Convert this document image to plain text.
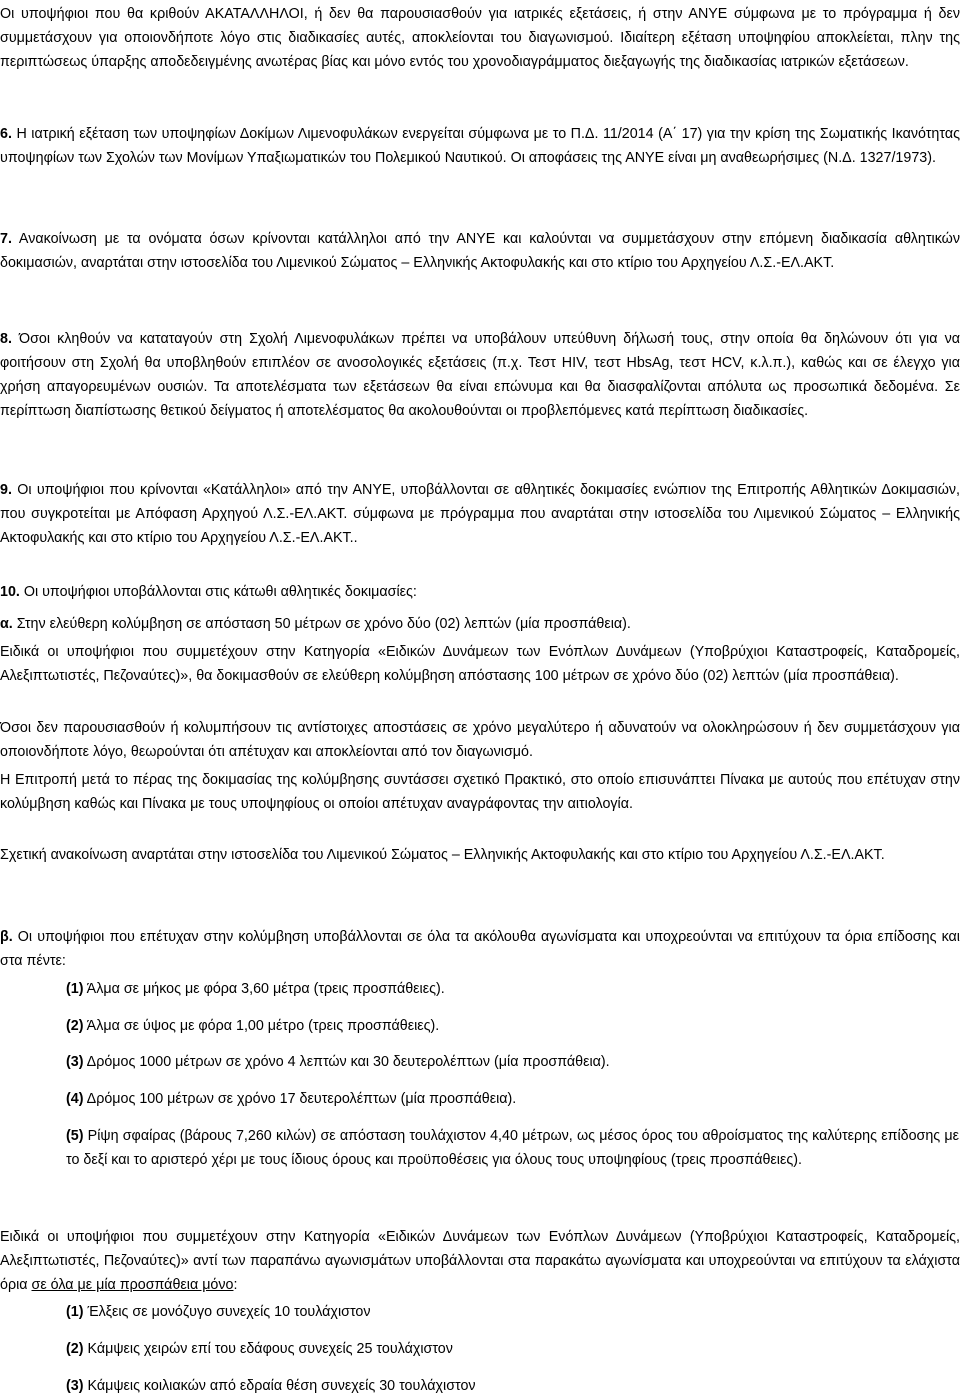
Οι υποψήφιοι που θα κριθούν ΑΚΑΤΑΛΛΗΛΟΙ, ή δεν θα παρουσιασθούν για ιατρικές εξετάσεις, ή στην ΑΝΥΕ σύμφωνα με το πρόγραμμα ή δεν συμμετάσχουν για οποιονδήποτε λόγο στις διαδικασίες αυτές, αποκλείονται του διαγωνισμού. Ιδιαίτερη εξέταση υποψηφίου αποκλείεται, πλην της περιπτώσεως ύπαρξης αποδεδειγμένης ανωτέρας βίας και μόνο εντός του χρονοδιαγράμματος διεξαγωγής της διαδικασίας ιατρικών εξετάσεων.

6. Η ιατρική εξέταση των υποψηφίων Δοκίμων Λιμενοφυλάκων ενεργείται σύμφωνα με το Π.Δ. 11/2014 (Α΄ 17) για την κρίση της Σωματικής Ικανότητας υποψηφίων των Σχολών των Μονίμων Υπαξιωματικών του Πολεμικού Ναυτικού. Οι αποφάσεις της ΑΝΥΕ είναι μη αναθεωρήσιμες (Ν.Δ. 1327/1973).

7. Ανακοίνωση με τα ονόματα όσων κρίνονται κατάλληλοι από την ΑΝΥΕ και καλούνται να συμμετάσχουν στην επόμενη διαδικασία αθλητικών δοκιμασιών, αναρτάται στην ιστοσελίδα του Λιμενικού Σώματος – Ελληνικής Ακτοφυλακής και στο κτίριο του Αρχηγείου Λ.Σ.-ΕΛ.ΑΚΤ.

8. Όσοι κληθούν να καταταγούν στη Σχολή Λιμενοφυλάκων πρέπει να υποβάλουν υπεύθυνη δήλωσή τους, στην οποία θα δηλώνουν ότι για να φοιτήσουν στη Σχολή θα υποβληθούν επιπλέον σε ανοσολογικές εξετάσεις (π.χ. Τεστ HIV, τεστ HbsAg, τεστ HCV, κ.λ.π.), καθώς και σε έλεγχο για χρήση απαγορευμένων ουσιών. Τα αποτελέσματα των εξετάσεων θα είναι επώνυμα και θα διασφαλίζονται απόλυτα ως προσωπικά δεδομένα. Σε περίπτωση διαπίστωσης θετικού δείγματος ή αποτελέσματος θα ακολουθούνται οι προβλεπόμενες κατά περίπτωση διαδικασίες.

9. Οι υποψήφιοι που κρίνονται «Κατάλληλοι» από την ΑΝΥΕ, υποβάλλονται σε αθλητικές δοκιμασίες ενώπιον της Επιτροπής Αθλητικών Δοκιμασιών, που συγκροτείται με Απόφαση Αρχηγού Λ.Σ.-ΕΛ.ΑΚΤ. σύμφωνα με πρόγραμμα που αναρτάται στην ιστοσελίδα του Λιμενικού Σώματος – Ελληνικής Ακτοφυλακής και στο κτίριο του Αρχηγείου Λ.Σ.-ΕΛ.ΑΚΤ..

10. Οι υποψήφιοι υποβάλλονται στις κάτωθι αθλητικές δοκιμασίες:

α. Στην ελεύθερη κολύμβηση σε απόσταση 50 μέτρων σε χρόνο δύο (02) λεπτών (μία προσπάθεια).

Ειδικά οι υποψήφιοι που συμμετέχουν στην Κατηγορία «Ειδικών Δυνάμεων των Ενόπλων Δυνάμεων (Υποβρύχιοι Καταστροφείς, Καταδρομείς, Αλεξιπτωτιστές, Πεζοναύτες)», θα δοκιμασθούν σε ελεύθερη κολύμβηση απόστασης 100 μέτρων σε χρόνο δύο (02) λεπτών (μία προσπάθεια).

Όσοι δεν παρουσιασθούν ή κολυμπήσουν τις αντίστοιχες αποστάσεις σε χρόνο μεγαλύτερο ή αδυνατούν να ολοκληρώσουν ή δεν συμμετάσχουν για οποιονδήποτε λόγο, θεωρούνται ότι απέτυχαν και αποκλείονται από τον διαγωνισμό.

Η Επιτροπή μετά το πέρας της δοκιμασίας της κολύμβησης συντάσσει σχετικό Πρακτικό, στο οποίο επισυνάπτει Πίνακα με αυτούς που επέτυχαν στην κολύμβηση καθώς και Πίνακα με τους υποψηφίους οι οποίοι απέτυχαν αναγράφοντας την αιτιολογία.

Σχετική ανακοίνωση αναρτάται στην ιστοσελίδα του Λιμενικού Σώματος – Ελληνικής Ακτοφυλακής και στο κτίριο του Αρχηγείου Λ.Σ.-ΕΛ.ΑΚΤ.

β. Οι υποψήφιοι που επέτυχαν στην κολύμβηση υποβάλλονται σε όλα τα ακόλουθα αγωνίσματα και υποχρεούνται να επιτύχουν τα όρια επίδοσης και στα πέντε:

(1) Άλμα σε μήκος με φόρα 3,60 μέτρα (τρεις προσπάθειες).

(2) Άλμα σε ύψος με φόρα 1,00 μέτρο (τρεις προσπάθειες).

(3) Δρόμος 1000 μέτρων σε χρόνο 4 λεπτών και 30 δευτερολέπτων (μία προσπάθεια).

(4) Δρόμος 100 μέτρων σε χρόνο 17 δευτερολέπτων (μία προσπάθεια).

(5) Ρίψη σφαίρας (βάρους 7,260 κιλών) σε απόσταση τουλάχιστον 4,40 μέτρων, ως μέσος όρος του αθροίσματος της καλύτερης επίδοσης με το δεξί και το αριστερό χέρι με τους ίδιους όρους και προϋποθέσεις για όλους τους υποψηφίους (τρεις προσπάθειες).

Ειδικά οι υποψήφιοι που συμμετέχουν στην Κατηγορία «Ειδικών Δυνάμεων των Ενόπλων Δυνάμεων (Υποβρύχιοι Καταστροφείς, Καταδρομείς, Αλεξιπτωτιστές, Πεζοναύτες)» αντί των παραπάνω αγωνισμάτων υποβάλλονται στα παρακάτω αγωνίσματα και υποχρεούνται να επιτύχουν τα ελάχιστα όρια σε όλα με μία προσπάθεια μόνο:

(1) Έλξεις σε μονόζυγο συνεχείς 10 τουλάχιστον

(2) Κάμψεις χειρών επί του εδάφους συνεχείς 25 τουλάχιστον

(3) Κάμψεις κοιλιακών από εδραία θέση συνεχείς 30 τουλάχιστον
